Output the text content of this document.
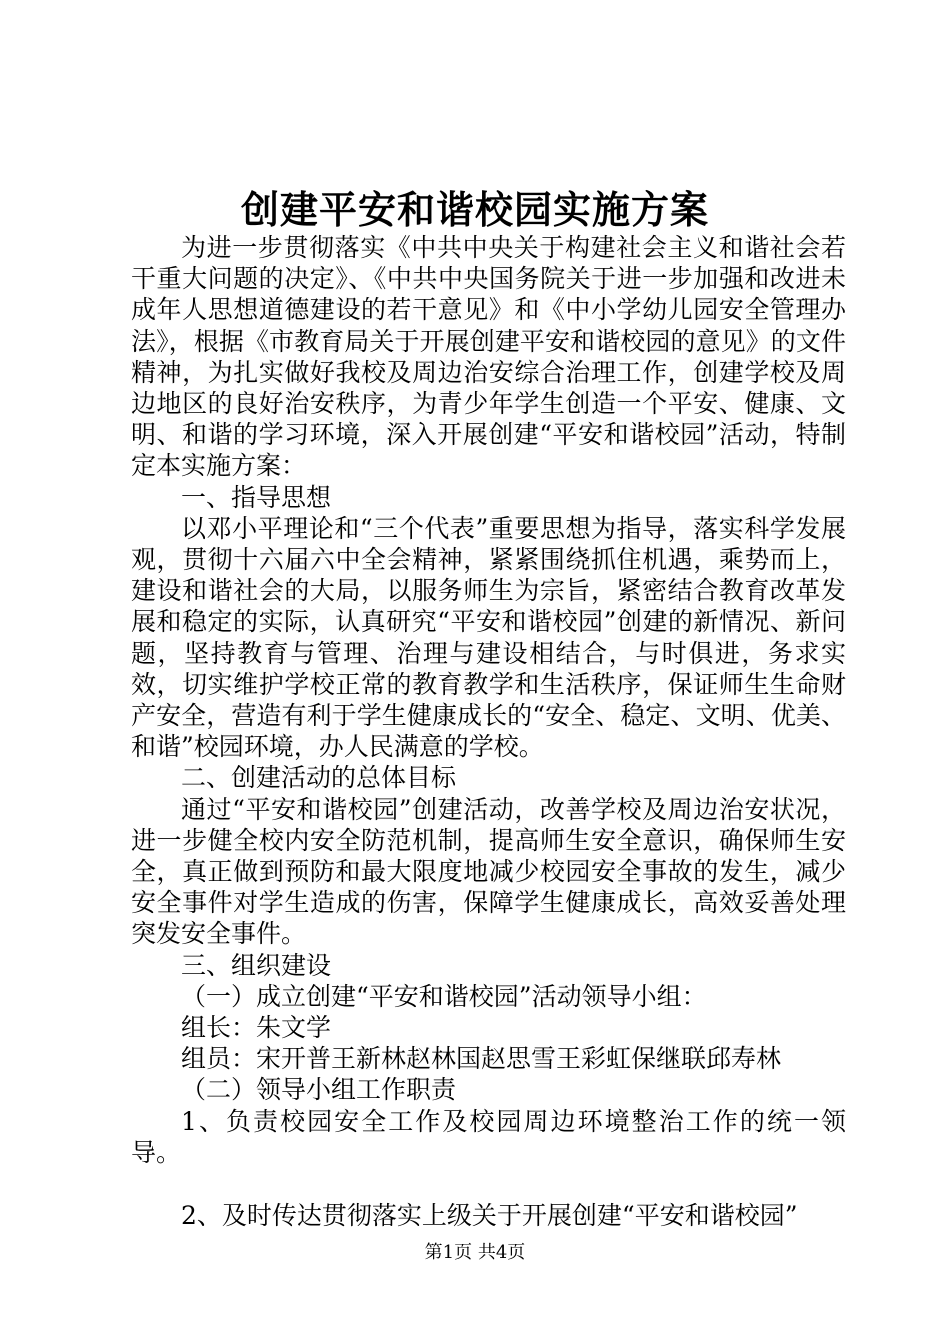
创建平安和谐校园实施方案

为进一步贯彻落实《中共中央关于构建社会主义和谐社会若干重大问题的决定》、《中共中央国务院关于进一步加强和改进未成年人思想道德建设的若干意见》和《中小学幼儿园安全管理办法》，根据《市教育局关于开展创建平安和谐校园的意见》的文件精神，为扎实做好我校及周边治安综合治理工作，创建学校及周边地区的良好治安秩序，为青少年学生创造一个平安、健康、文明、和谐的学习环境，深入开展创建“平安和谐校园”活动，特制定本实施方案：

一、指导思想

以邓小平理论和“三个代表”重要思想为指导，落实科学发展观，贯彻十六届六中全会精神，紧紧围绕抓住机遇，乘势而上，建设和谐社会的大局，以服务师生为宗旨，紧密结合教育改革发展和稳定的实际，认真研究“平安和谐校园”创建的新情况、新问题，坚持教育与管理、治理与建设相结合，与时俱进，务求实效，切实维护学校正常的教育教学和生活秩序，保证师生生命财产安全，营造有利于学生健康成长的“安全、稳定、文明、优美、和谐”校园环境，办人民满意的学校。

二、创建活动的总体目标

通过“平安和谐校园”创建活动，改善学校及周边治安状况，进一步健全校内安全防范机制，提高师生安全意识，确保师生安全，真正做到预防和最大限度地减少校园安全事故的发生，减少安全事件对学生造成的伤害，保障学生健康成长，高效妥善处理突发安全事件。

三、组织建设

（一）成立创建“平安和谐校园”活动领导小组：

组长：朱文学

组员：宋开普王新林赵林国赵思雪王彩虹保继联邱寿林

（二）领导小组工作职责

1、负责校园安全工作及校园周边环境整治工作的统一领导。

2、及时传达贯彻落实上级关于开展创建“平安和谐校园”

第1页 共4页
